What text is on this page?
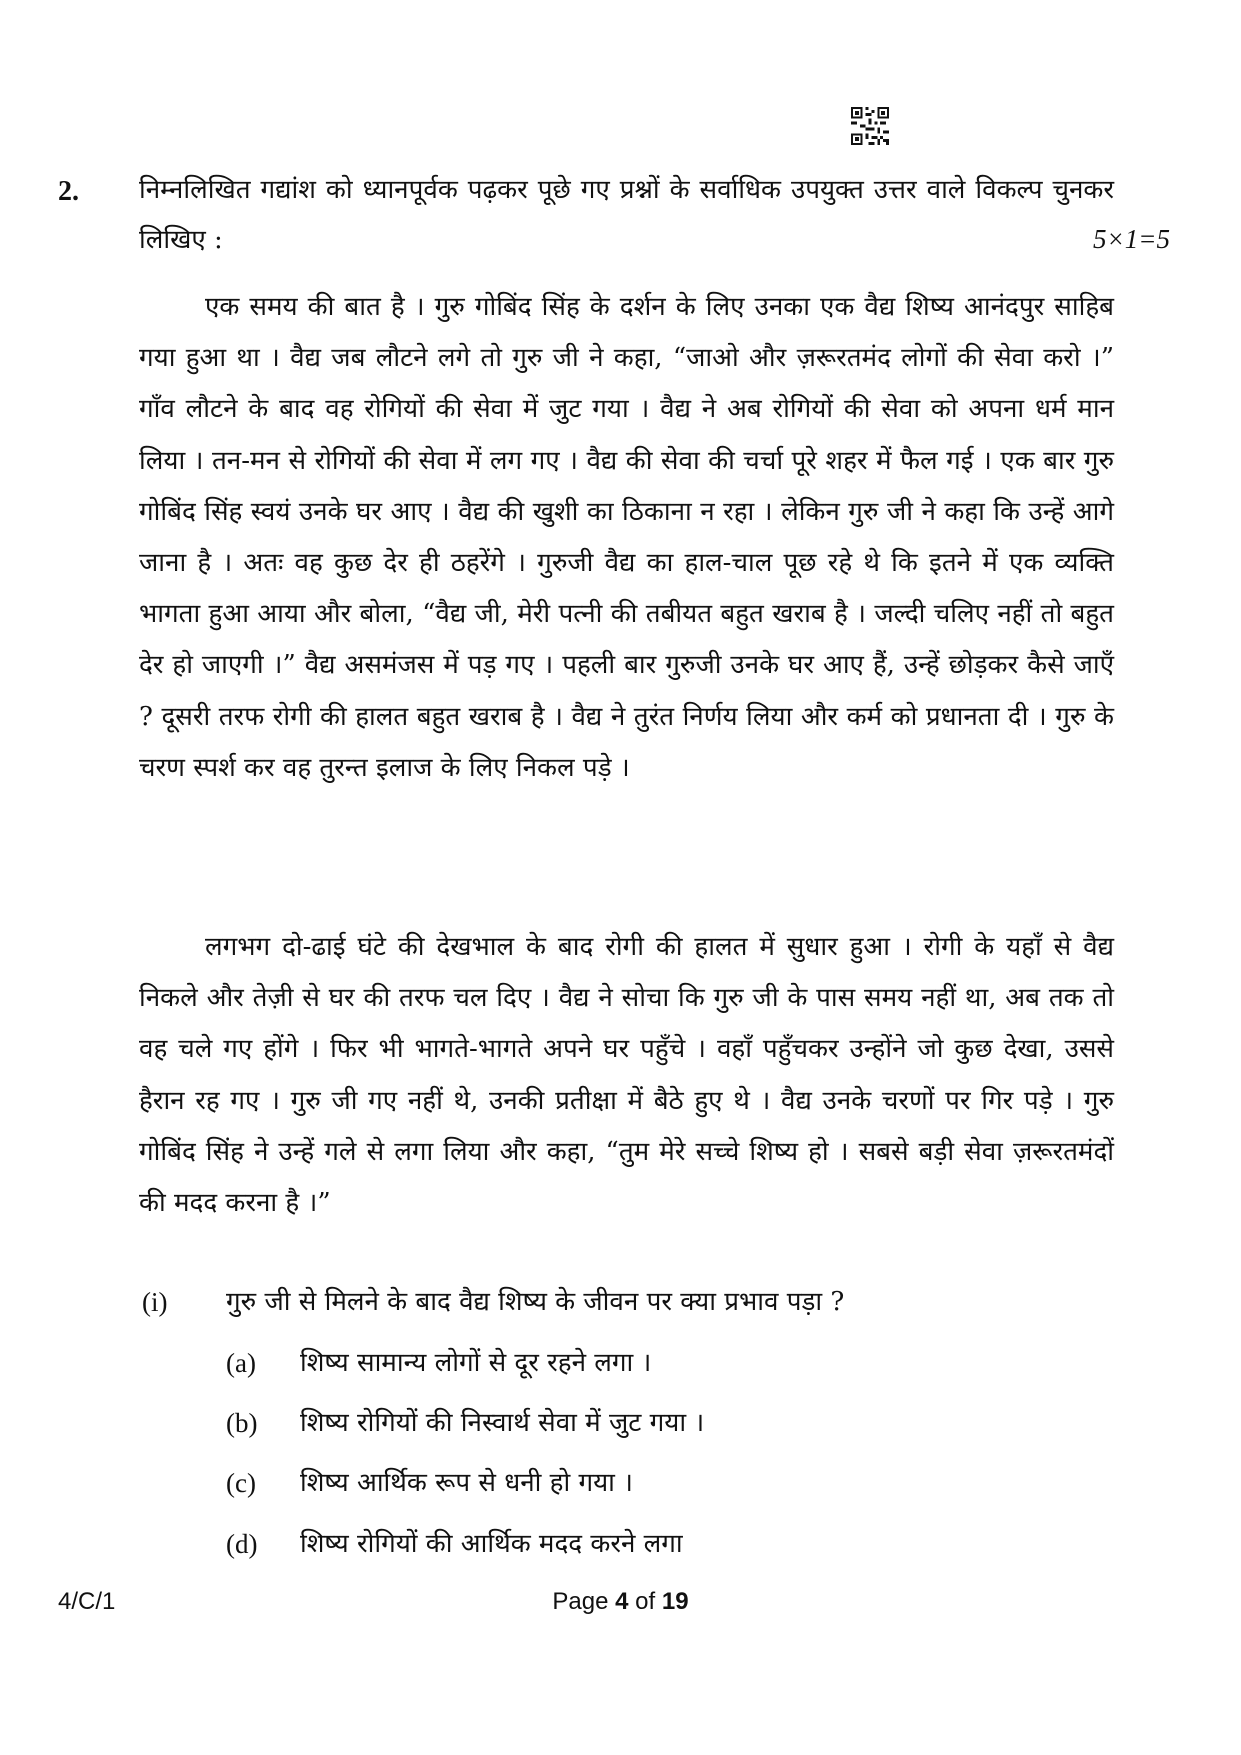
2. निम्नलिखित गद्यांश को ध्यानपूर्वक पढ़कर पूछे गए प्रश्नों के सर्वाधिक उपयुक्त उत्तर वाले विकल्प चुनकर लिखिए :	5×1=5

एक समय की बात है । गुरु गोबिंद सिंह के दर्शन के लिए उनका एक वैद्य शिष्य आनंदपुर साहिब गया हुआ था । वैद्य जब लौटने लगे तो गुरु जी ने कहा, “जाओ और ज़रूरतमंद लोगों की सेवा करो ।” गाँव लौटने के बाद वह रोगियों की सेवा में जुट गया । वैद्य ने अब रोगियों की सेवा को अपना धर्म मान लिया । तन-मन से रोगियों की सेवा में लग गए । वैद्य की सेवा की चर्चा पूरे शहर में फैल गई । एक बार गुरु गोबिंद सिंह स्वयं उनके घर आए । वैद्य की खुशी का ठिकाना न रहा । लेकिन गुरु जी ने कहा कि उन्हें आगे जाना है । अतः वह कुछ देर ही ठहरेंगे । गुरुजी वैद्य का हाल-चाल पूछ रहे थे कि इतने में एक व्यक्ति भागता हुआ आया और बोला, “वैद्य जी, मेरी पत्नी की तबीयत बहुत खराब है । जल्दी चलिए नहीं तो बहुत देर हो जाएगी ।” वैद्य असमंजस में पड़ गए । पहली बार गुरुजी उनके घर आए हैं, उन्हें छोड़कर कैसे जाएँ ? दूसरी तरफ रोगी की हालत बहुत खराब है । वैद्य ने तुरंत निर्णय लिया और कर्म को प्रधानता दी । गुरु के चरण स्पर्श कर वह तुरन्त इलाज के लिए निकल पड़े ।

लगभग दो-ढाई घंटे की देखभाल के बाद रोगी की हालत में सुधार हुआ । रोगी के यहाँ से वैद्य निकले और तेज़ी से घर की तरफ चल दिए । वैद्य ने सोचा कि गुरु जी के पास समय नहीं था, अब तक तो वह चले गए होंगे । फिर भी भागते-भागते अपने घर पहुँचे । वहाँ पहुँचकर उन्होंने जो कुछ देखा, उससे हैरान रह गए । गुरु जी गए नहीं थे, उनकी प्रतीक्षा में बैठे हुए थे । वैद्य उनके चरणों पर गिर पड़े । गुरु गोबिंद सिंह ने उन्हें गले से लगा लिया और कहा, “तुम मेरे सच्चे शिष्य हो । सबसे बड़ी सेवा ज़रूरतमंदों की मदद करना है ।”

(i) गुरु जी से मिलने के बाद वैद्य शिष्य के जीवन पर क्या प्रभाव पड़ा ?
(a) शिष्य सामान्य लोगों से दूर रहने लगा ।
(b) शिष्य रोगियों की निस्वार्थ सेवा में जुट गया ।
(c) शिष्य आर्थिक रूप से धनी हो गया ।
(d) शिष्य रोगियों की आर्थिक मदद करने लगा
4/C/1	Page 4 of 19
